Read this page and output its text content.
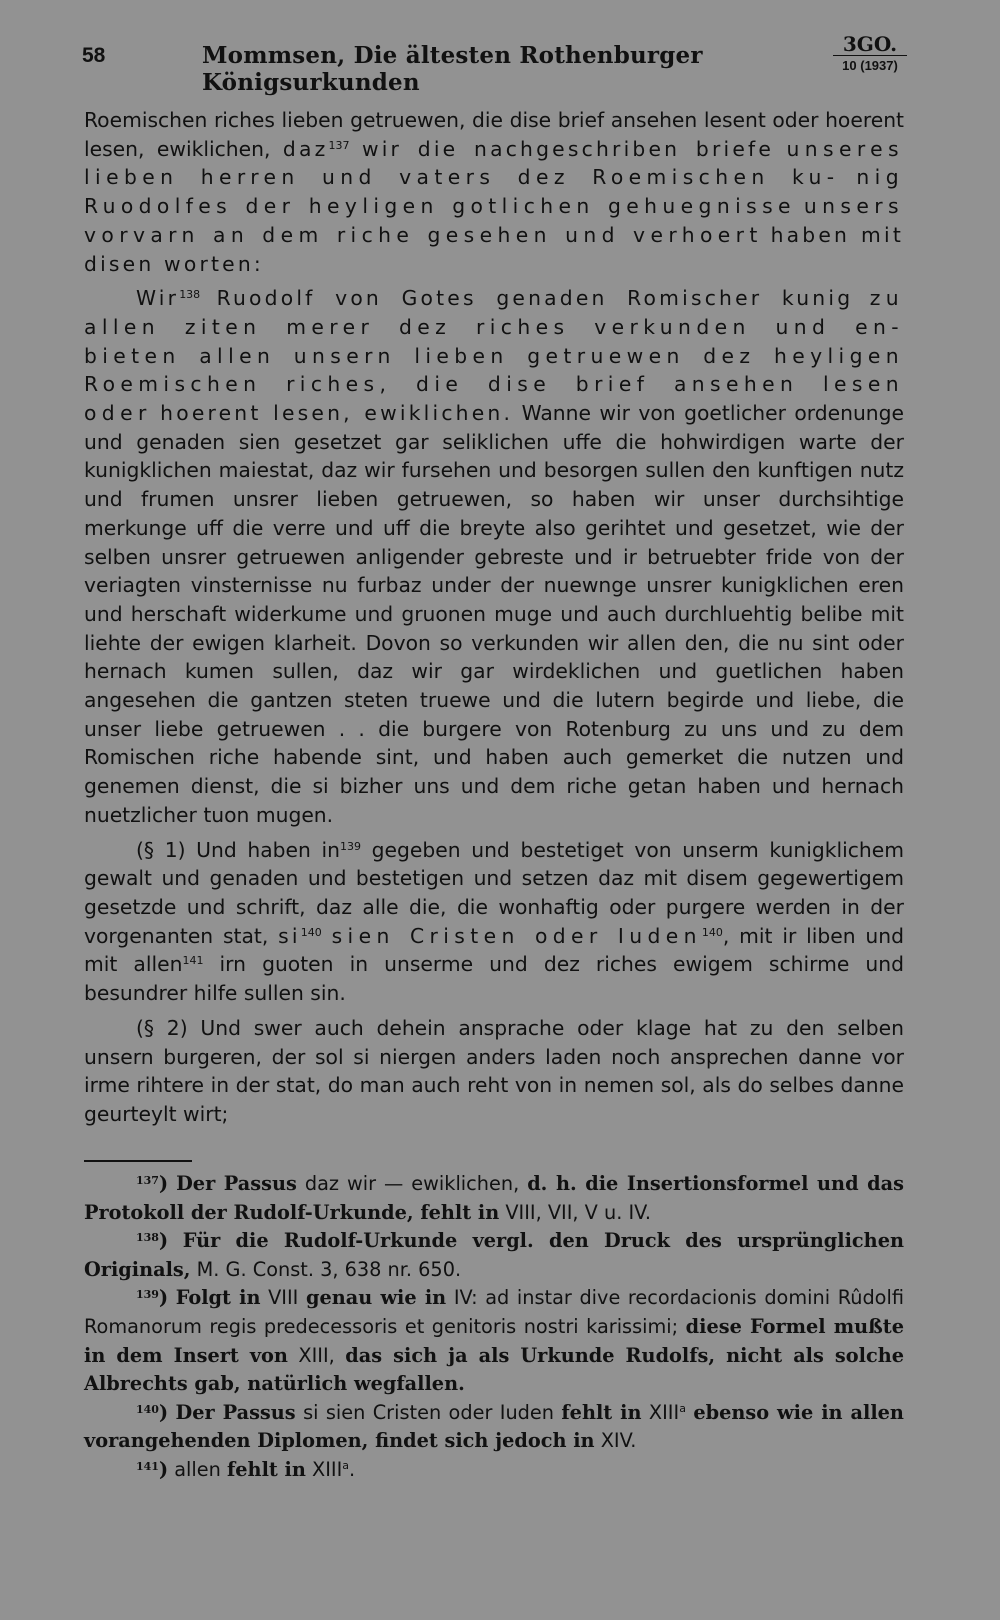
58	Mommsen, Die ältesten Rothenburger Königsurkunden
3GO.
10 (1937)

Roemischen riches lieben getruewen, die dise brief ansehen lesent oder hoerent lesen, ewiklichen, daz$^{137}$ wir die nachgeschriben briefe unseres lieben herren und vaters dez Roemischen ku- nig Ruodolfes der heyligen gotlichen gehuegnisse unsers vorvarn an dem riche gesehen und verhoert haben mit disen worten:

Wir$^{138}$ Ruodolf von Gotes genaden Romischer kunig zu allen ziten merer dez riches verkunden und en- bieten allen unsern lieben getruewen dez heyligen Roemischen riches, die dise brief ansehen lesen oder hoerent lesen, ewiklichen. Wanne wir von goetlicher ordenunge und genaden sien gesetzet gar seliklichen uffe die hohwirdigen warte der kunigklichen maiestat, daz wir fursehen und besorgen sullen den kunftigen nutz und frumen unsrer lieben getruewen, so haben wir unser durchsihtige merkunge uff die verre und uff die breyte also gerihtet und gesetzet, wie der selben unsrer getruewen anligender gebreste und ir betruebter fride von der veriagten vinsternisse nu furbaz under der nuewnge unsrer kunigklichen eren und herschaft widerkume und gruonen muge und auch durchluehtig belibe mit liehte der ewigen klarheit. Dovon so verkunden wir allen den, die nu sint oder hernach kumen sullen, daz wir gar wirdeklichen und guetlichen haben angesehen die gantzen steten truewe und die lutern begirde und liebe, die unser liebe getruewen . . die burgere von Rotenburg zu uns und zu dem Romischen riche habende sint, und haben auch gemerket die nutzen und genemen dienst, die si bizher uns und dem riche getan haben und hernach nuetzlicher tuon mugen.

(§ 1) Und haben $in^{139}$ gegeben und bestetiget von unserm kunigklichem gewalt und genaden und bestetigen und setzen daz mit disem gegewertigem gesetzde und schrift, daz alle die, die wonhaftig oder purgere werden in der vorgenanten stat, $si^{140}$ sien Cristen oder Iuden$^{140}$, mit ir liben und mit allen$^{141}$ irn guoten in unserme und dez riches ewigem schirme und besundrer hilfe sullen sin.

(§ 2) Und swer auch dehein ansprache oder klage hat zu den selben unsern burgeren, der sol si niergen anders laden noch ansprechen danne vor irme rihtere in der stat, do man auch reht von in nemen sol, als do selbes danne geurteylt wirt;

$^{137}$) Der Passus daz wir — ewiklichen, d. h. die Insertionsformel und das Protokoll der Rudolf-Urkunde, fehlt in VIII, VII, V u. IV.

$^{138}$) Für die Rudolf-Urkunde vergl. den Druck des ursprünglichen Originals, M. G. Const. 3, 638 nr. 650.

$^{139}$) Folgt in VIII genau wie in IV: ad instar dive recordacionis domini Rûdolfi Romanorum regis predecessoris et genitoris nostri karissimi; diese Formel mußte in dem Insert von XIII, das sich ja als Urkunde Rudolfs, nicht als solche Albrechts gab, natürlich wegfallen.

$^{140}$) Der Passus si sien Cristen oder Iuden fehlt in XIII$^a$ ebenso wie in allen vorangehenden Diplomen, findet sich jedoch in XIV.

$^{141}$) allen fehlt in XIII$^a$.
